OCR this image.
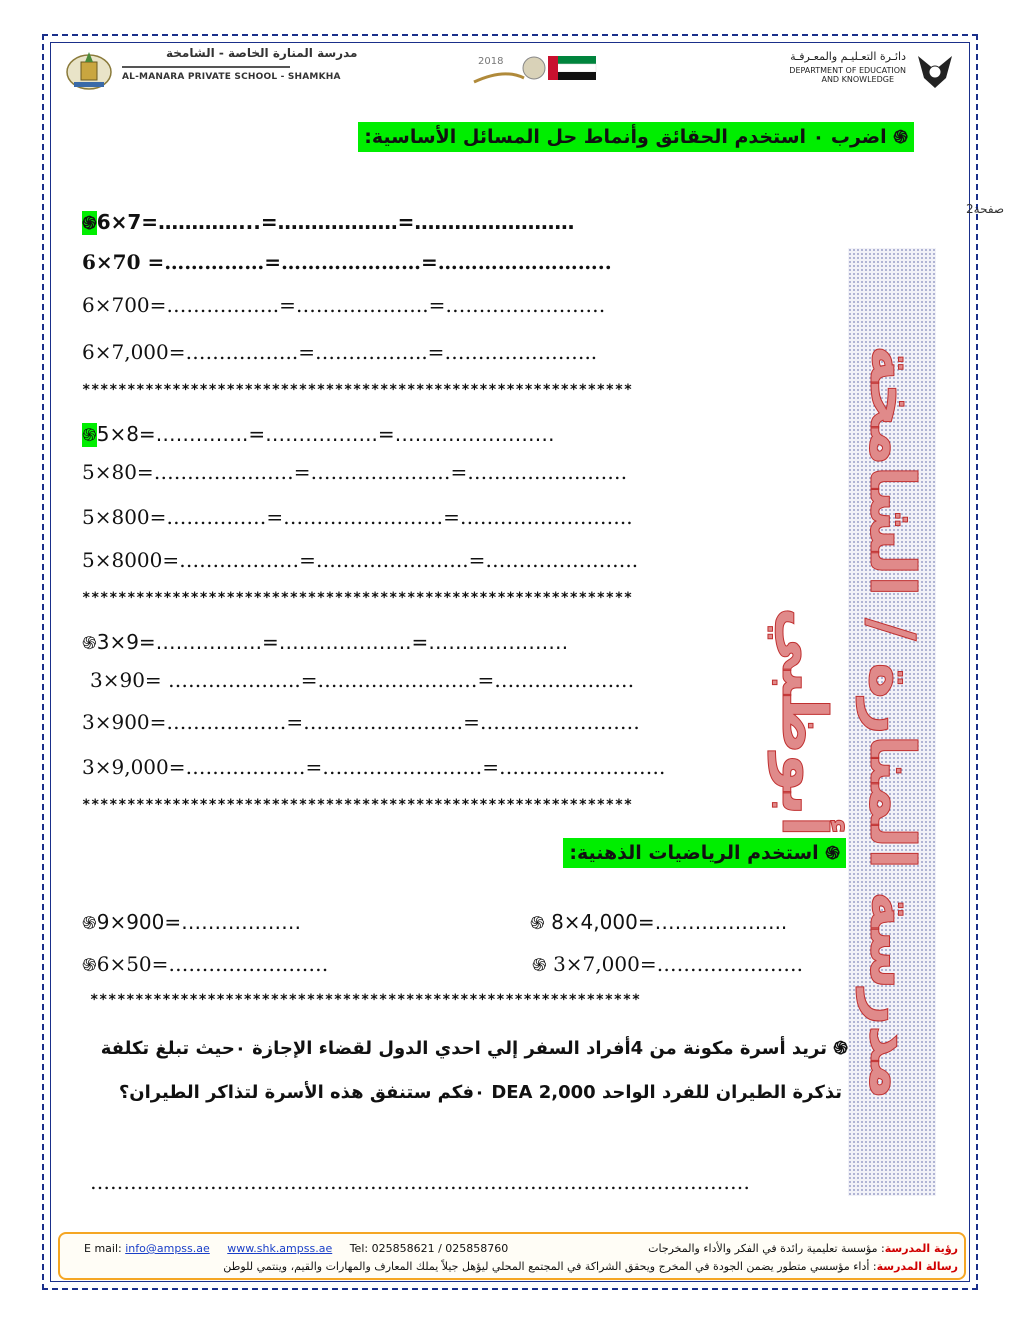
مدرسة المنارة الخاصة - الشامخة
AL-MANARA PRIVATE SCHOOL - SHAMKHA
2018	دائـرة التعـليـم والمعـرفـة
DEPARTMENT OF EDUCATION
AND KNOWLEDGE
2صفحة
مدرسة المنارة / الشامخة أبوظبي
֍ اضرب ٠ استخدم الحقائق وأنماط حل المسائل الأساسية:
֍6×7=…………...=………………=……………………
6×70 =……………=…………………=……………………..
6×700=……………..=………………..=……………………
6×7,000=……………..=……………..=…………………..
*************************************************************
֍5×8=…………..=……………..=……………………
5×80=…………………=…………………=……………………
5×800=……………=……………………=……………………..
5×8000=………………=…………………..=…………………..
*************************************************************
֍3×9=…………….=………………..=…………………
3×90= ………………..=……………………=…………………
3×900=………………=……………………=……………………
3×9,000=………………=……………………=…………………….
*************************************************************
֍ استخدم الرياضيات الذهنية:
֍9×900=………………
֍6×50=……………………
֍ 8×4,000=………………..
֍ 3×7,000=………………….
*************************************************************
֍ تريد أسرة مكونة من 4أفراد السفر إلي احدي الدول لقضاء الإجازة ٠حيث تبلغ تكلفة
تذكرة الطيران للفرد الواحد DEA 2,000 ٠فكم ستنفق هذه الأسرة لتذاكر الطيران؟
………………………………………………………………………………………
E mail: info@ampss.ae www.shk.ampss.ae Tel: 025858621 / 025858760	رؤية المدرسة: مؤسسة تعليمية رائدة في الفكر والأداء والمخرجات
رسالة المدرسة: أداء مؤسسي متطور يضمن الجودة في المخرج ويحقق الشراكة في المجتمع المحلي ليؤهل جيلاً يملك المعارف والمهارات والقيم، وينتمي للوطن
